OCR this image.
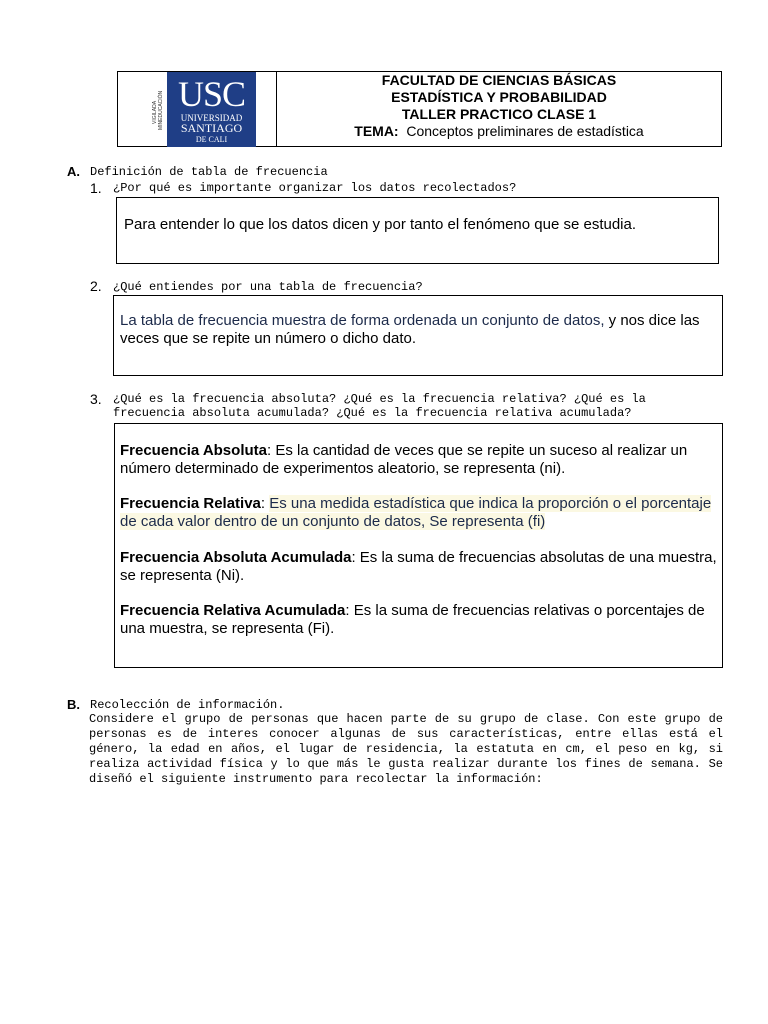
VIGILADA MINEDUCACIÓN USC
UNIVERSIDAD
SANTIAGO
DE CALI
FACULTAD DE CIENCIAS BÁSICAS
ESTADÍSTICA Y PROBABILIDAD
TALLER PRACTICO CLASE 1
TEMA: Conceptos preliminares de estadística
A. Definición de tabla de frecuencia
1. ¿Por qué es importante organizar los datos recolectados?
Para entender lo que los datos dicen y por tanto el fenómeno que se estudia.
2. ¿Qué entiendes por una tabla de frecuencia?
La tabla de frecuencia muestra de forma ordenada un conjunto de datos, y nos dice las veces que se repite un número o dicho dato.
3. ¿Qué es la frecuencia absoluta? ¿Qué es la frecuencia relativa? ¿Qué es la
frecuencia absoluta acumulada? ¿Qué es la frecuencia relativa acumulada?
Frecuencia Absoluta: Es la cantidad de veces que se repite un suceso al realizar un número determinado de experimentos aleatorio, se representa (ni).
Frecuencia Relativa: Es una medida estadística que indica la proporción o el porcentaje de cada valor dentro de un conjunto de datos, Se representa (fi)
Frecuencia Absoluta Acumulada: Es la suma de frecuencias absolutas de una muestra, se representa (Ni).
Frecuencia Relativa Acumulada: Es la suma de frecuencias relativas o porcentajes de una muestra, se representa (Fi).
B. Recolección de información.
Considere el grupo de personas que hacen parte de su grupo de clase. Con este grupo de personas es de interes conocer algunas de sus características, entre ellas está el género, la edad en años, el lugar de residencia, la estatuta en cm, el peso en kg, si realiza actividad física y lo que más le gusta realizar durante los fines de semana. Se diseñó el siguiente instrumento para recolectar la información:
